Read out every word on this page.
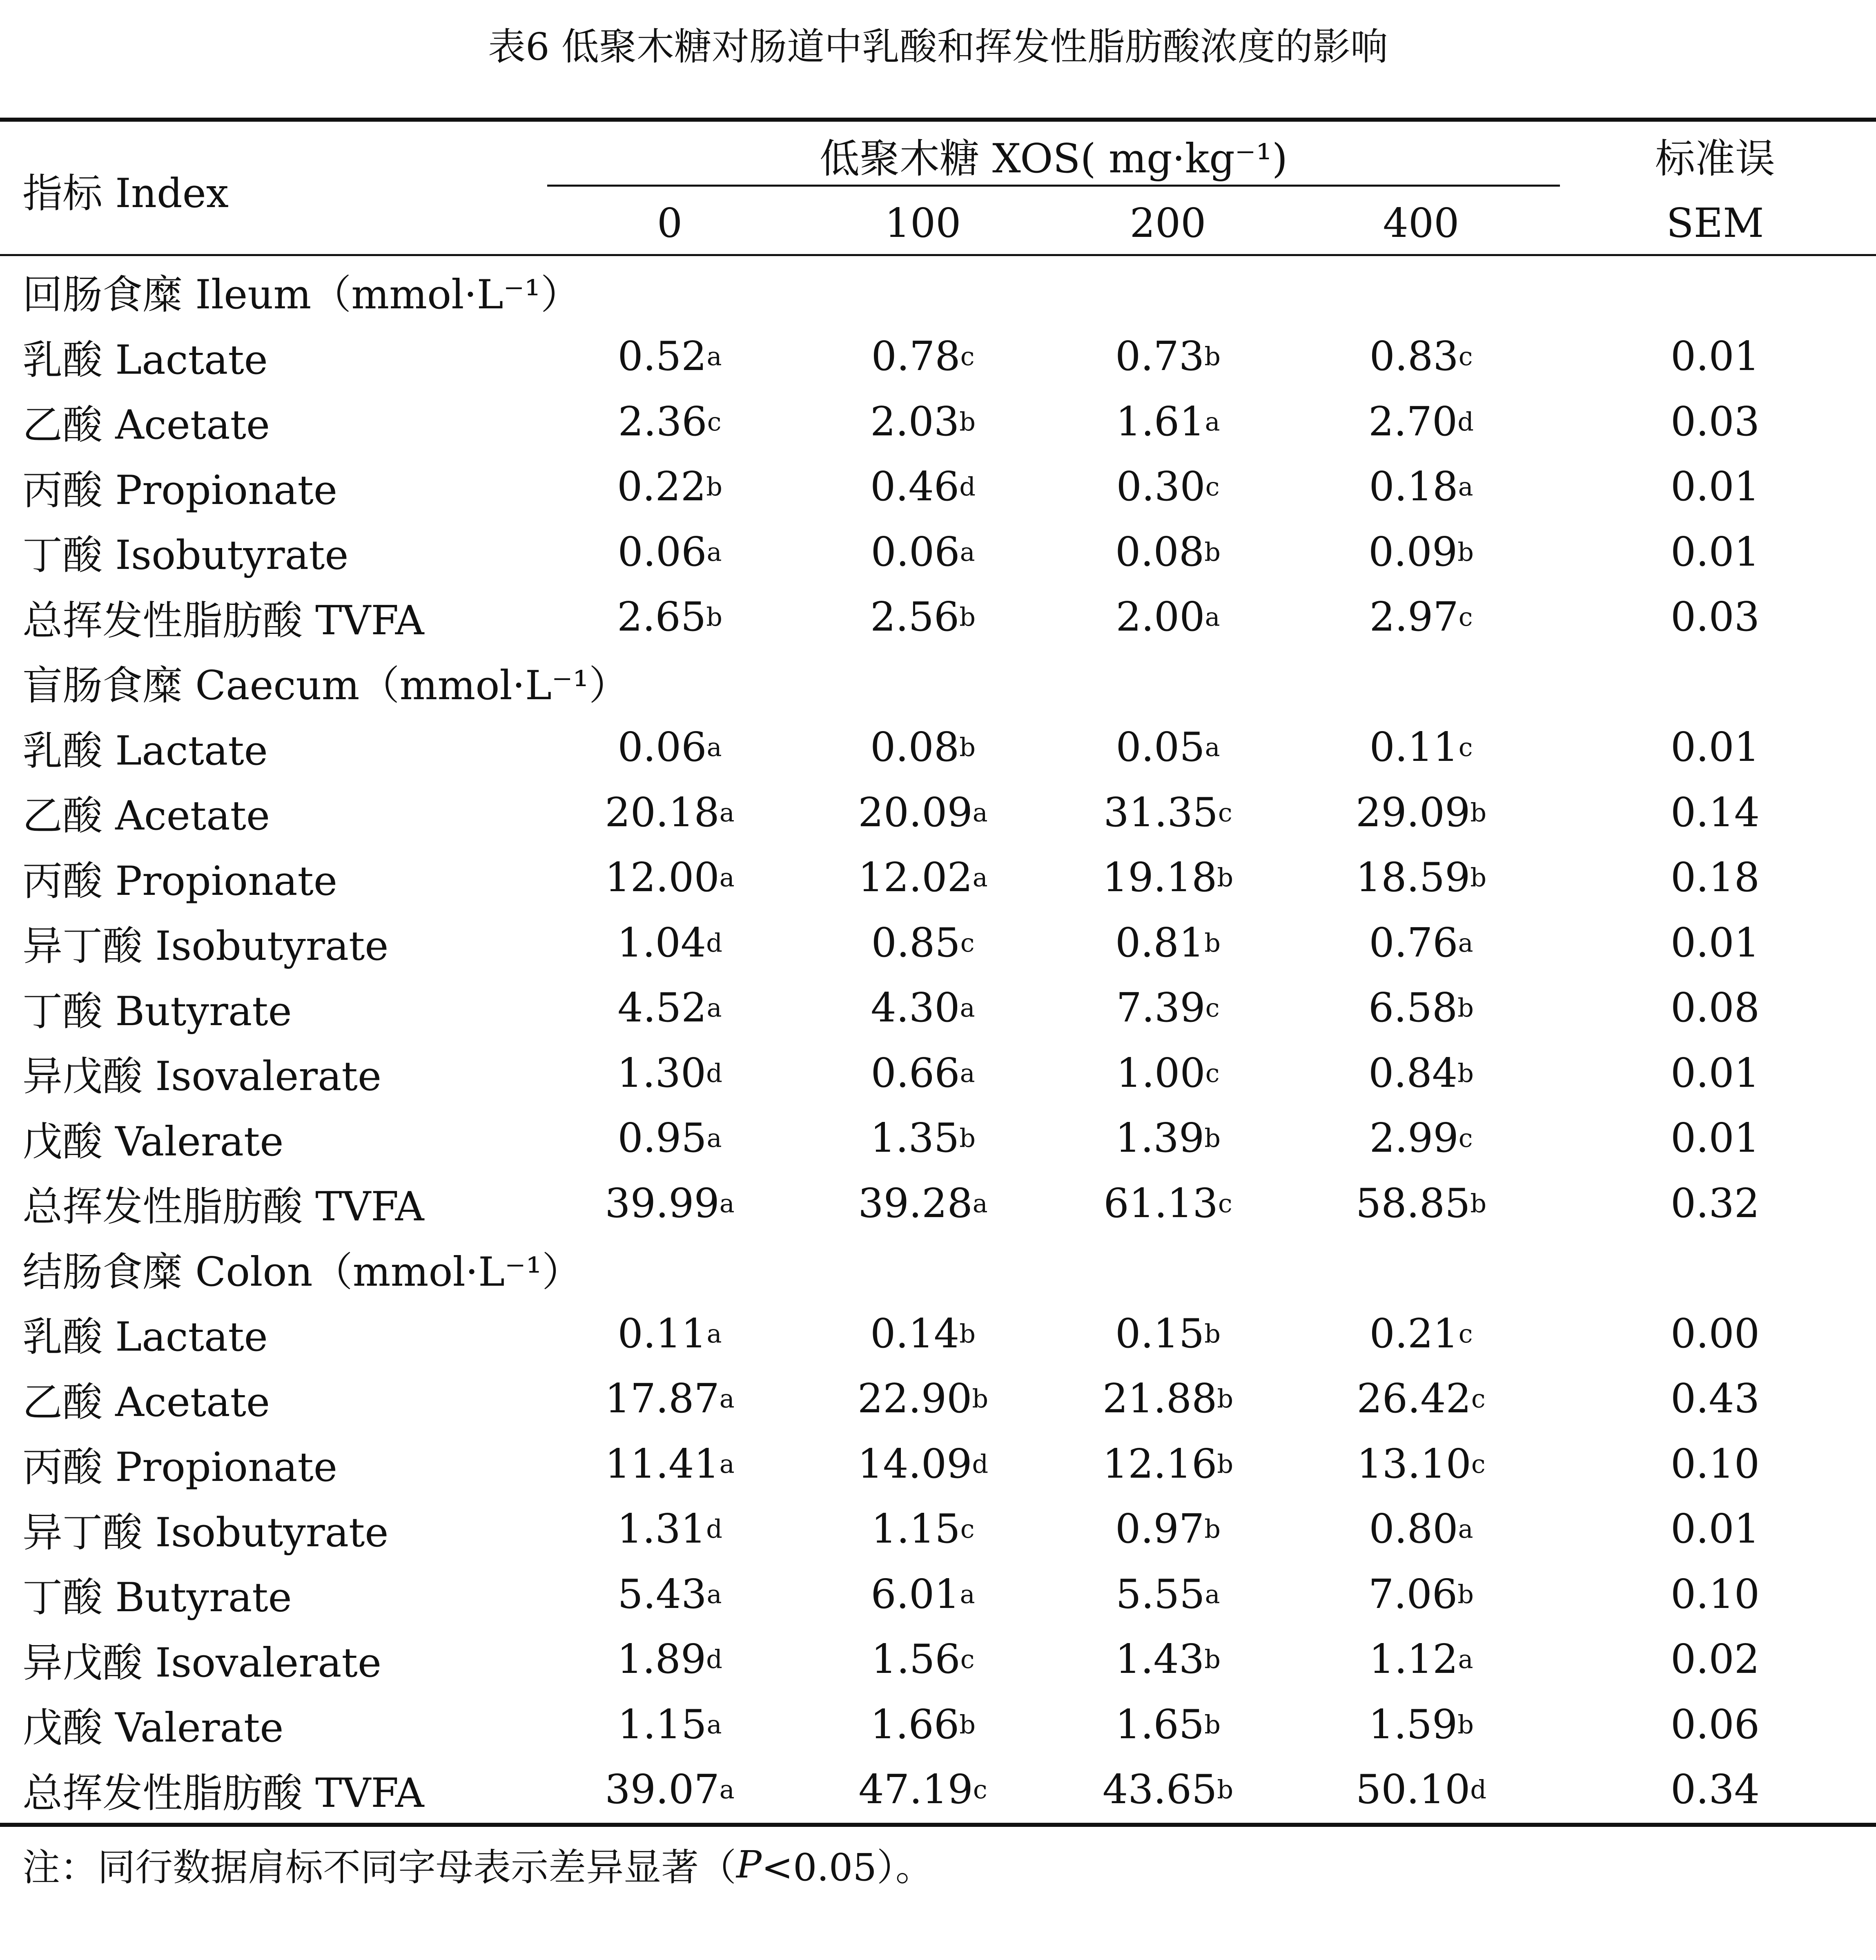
表6 低聚木糖对肠道中乳酸和挥发性脂肪酸浓度的影响
指标 Index
低聚木糖 XOS( mg·kg⁻¹)
0	100	200	400
标准误
SEM
回肠食糜 Ileum（mmol·L⁻¹）
乳酸 Lactate	0.52 a	0.78 c	0.73 b	0.83 c	0.01
乙酸 Acetate	2.36 c	2.03 b	1.61 a	2.70 d	0.03
丙酸 Propionate	0.22 b	0.46 d	0.30 c	0.18 a	0.01
丁酸 Isobutyrate	0.06 a	0.06 a	0.08 b	0.09 b	0.01
总挥发性脂肪酸 TVFA	2.65 b	2.56 b	2.00 a	2.97 c	0.03
盲肠食糜 Caecum（mmol·L⁻¹）
乳酸 Lactate	0.06 a	0.08 b	0.05 a	0.11 c	0.01
乙酸 Acetate	20.18 a	20.09 a	31.35 c	29.09 b	0.14
丙酸 Propionate	12.00 a	12.02 a	19.18 b	18.59 b	0.18
异丁酸 Isobutyrate	1.04 d	0.85 c	0.81 b	0.76 a	0.01
丁酸 Butyrate	4.52 a	4.30 a	7.39 c	6.58 b	0.08
异戊酸 Isovalerate	1.30 d	0.66 a	1.00 c	0.84 b	0.01
戊酸 Valerate	0.95 a	1.35 b	1.39 b	2.99 c	0.01
总挥发性脂肪酸 TVFA	39.99 a	39.28 a	61.13 c	58.85 b	0.32
结肠食糜 Colon（mmol·L⁻¹）
乳酸 Lactate	0.11 a	0.14 b	0.15 b	0.21 c	0.00
乙酸 Acetate	17.87 a	22.90 b	21.88 b	26.42 c	0.43
丙酸 Propionate	11.41 a	14.09 d	12.16 b	13.10 c	0.10
异丁酸 Isobutyrate	1.31 d	1.15 c	0.97 b	0.80 a	0.01
丁酸 Butyrate	5.43 a	6.01 a	5.55 a	7.06 b	0.10
异戊酸 Isovalerate	1.89 d	1.56 c	1.43 b	1.12 a	0.02
戊酸 Valerate	1.15 a	1.66 b	1.65 b	1.59 b	0.06
总挥发性脂肪酸 TVFA	39.07 a	47.19 c	43.65 b	50.10 d	0.34
注：同行数据肩标不同字母表示差异显著（ P <0.05）。
